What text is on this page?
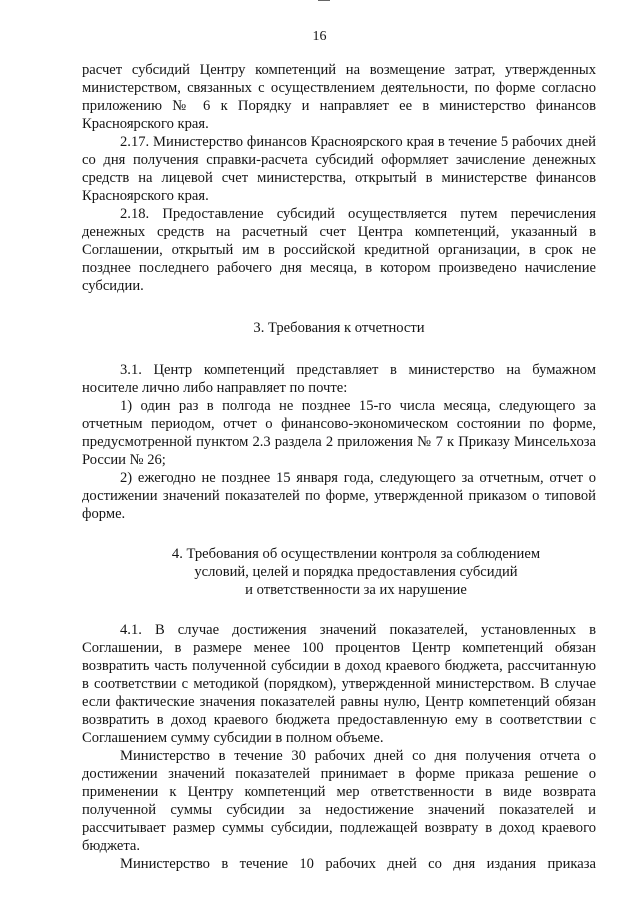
16

расчет субсидий Центру компетенций на возмещение затрат, утвержденных министерством, связанных с осуществлением деятельности, по форме согласно приложению № 6 к Порядку и направляет ее в министерство финансов Красноярского края.

2.17. Министерство финансов Красноярского края в течение 5 рабочих дней со дня получения справки-расчета субсидий оформляет зачисление денежных средств на лицевой счет министерства, открытый в министерстве финансов Красноярского края.

2.18. Предоставление субсидий осуществляется путем перечисления денежных средств на расчетный счет Центра компетенций, указанный в Соглашении, открытый им в российской кредитной организации, в срок не позднее последнего рабочего дня месяца, в котором произведено начисление субсидии.

3. Требования к отчетности

3.1. Центр компетенций представляет в министерство на бумажном носителе лично либо направляет по почте:

1) один раз в полгода не позднее 15-го числа месяца, следующего за отчетным периодом, отчет о финансово-экономическом состоянии по форме, предусмотренной пунктом 2.3 раздела 2 приложения № 7 к Приказу Минсельхоза России № 26;

2) ежегодно не позднее 15 января года, следующего за отчетным, отчет о достижении значений показателей по форме, утвержденной приказом о типовой форме.

4. Требования об осуществлении контроля за соблюдением

условий, целей и порядка предоставления субсидий

и ответственности за их нарушение

4.1. В случае достижения значений показателей, установленных в Соглашении, в размере менее 100 процентов Центр компетенций обязан возвратить часть полученной субсидии в доход краевого бюджета, рассчитанную в соответствии с методикой (порядком), утвержденной министерством. В случае если фактические значения показателей равны нулю, Центр компетенций обязан возвратить в доход краевого бюджета предоставленную ему в соответствии с Соглашением сумму субсидии в полном объеме.

Министерство в течение 30 рабочих дней со дня получения отчета о достижении значений показателей принимает в форме приказа решение о применении к Центру компетенций мер ответственности в виде возврата полученной суммы субсидии за недостижение значений показателей и рассчитывает размер суммы субсидии, подлежащей возврату в доход краевого бюджета.

Министерство в течение 10 рабочих дней со дня издания приказа
